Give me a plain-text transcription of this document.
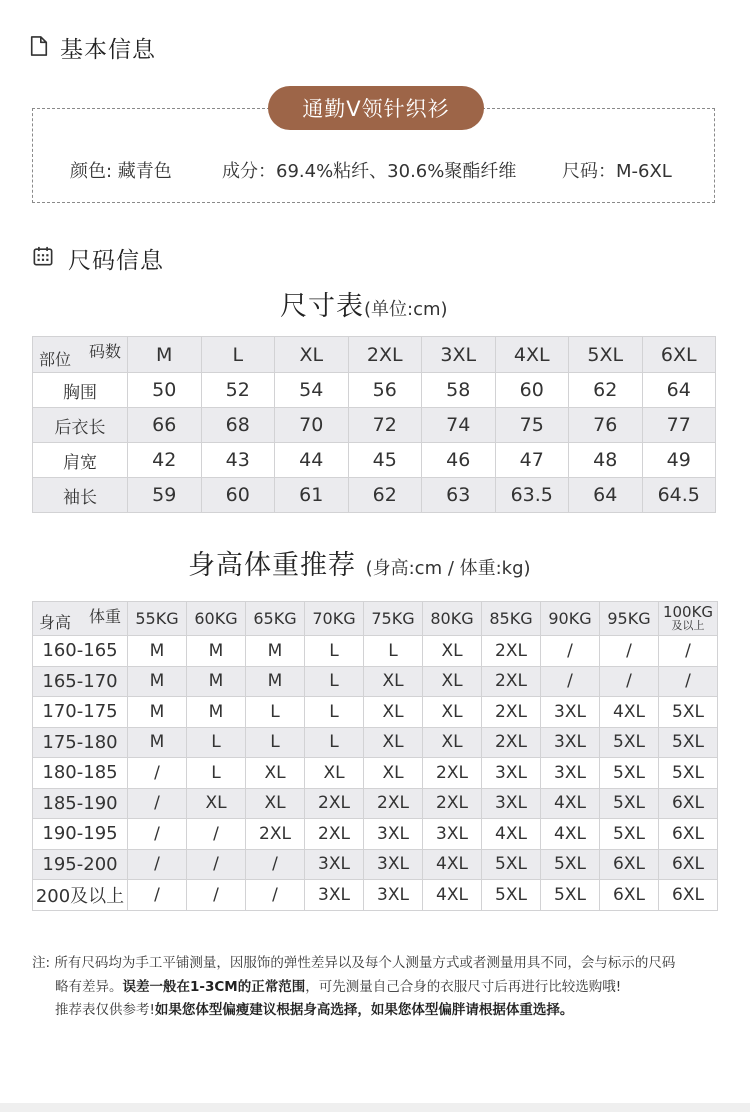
基本信息
通勤V领针织衫
颜色: 藏青色	成分：69.4%粘纤、30.6%聚酯纤维	尺码：M-6XL
尺码信息
尺寸表(单位:cm)
码数
部位	M	L	XL	2XL	3XL	4XL	5XL	6XL
胸围	50	52	54	56	58	60	62	64
后衣长	66	68	70	72	74	75	76	77
肩宽	42	43	44	45	46	47	48	49
袖长	59	60	61	62	63	63.5	64	64.5
身高体重推荐 (身高:cm / 体重:kg)
体重
身高	55KG	60KG	65KG	70KG	75KG	80KG	85KG	90KG	95KG	100KG
及以上

160-165	M	M	M	L	L	XL	2XL	/	/	/
165-170	M	M	M	L	XL	XL	2XL	/	/	/
170-175	M	M	L	L	XL	XL	2XL	3XL	4XL	5XL
175-180	M	L	L	L	XL	XL	2XL	3XL	5XL	5XL
180-185	/	L	XL	XL	XL	2XL	3XL	3XL	5XL	5XL
185-190	/	XL	XL	2XL	2XL	2XL	3XL	4XL	5XL	6XL
190-195	/	/	2XL	2XL	3XL	3XL	4XL	4XL	5XL	6XL
195-200	/	/	/	3XL	3XL	4XL	5XL	5XL	6XL	6XL
200及以上	/	/	/	3XL	3XL	4XL	5XL	5XL	6XL	6XL
注: 所有尺码均为手工平铺测量，因服饰的弹性差异以及每个人测量方式或者测量用具不同，会与标示的尺码
略有差异。误差一般在1-3CM的正常范围，可先测量自己合身的衣服尺寸后再进行比较选购哦!
推荐表仅供参考!如果您体型偏瘦建议根据身高选择，如果您体型偏胖请根据体重选择。
